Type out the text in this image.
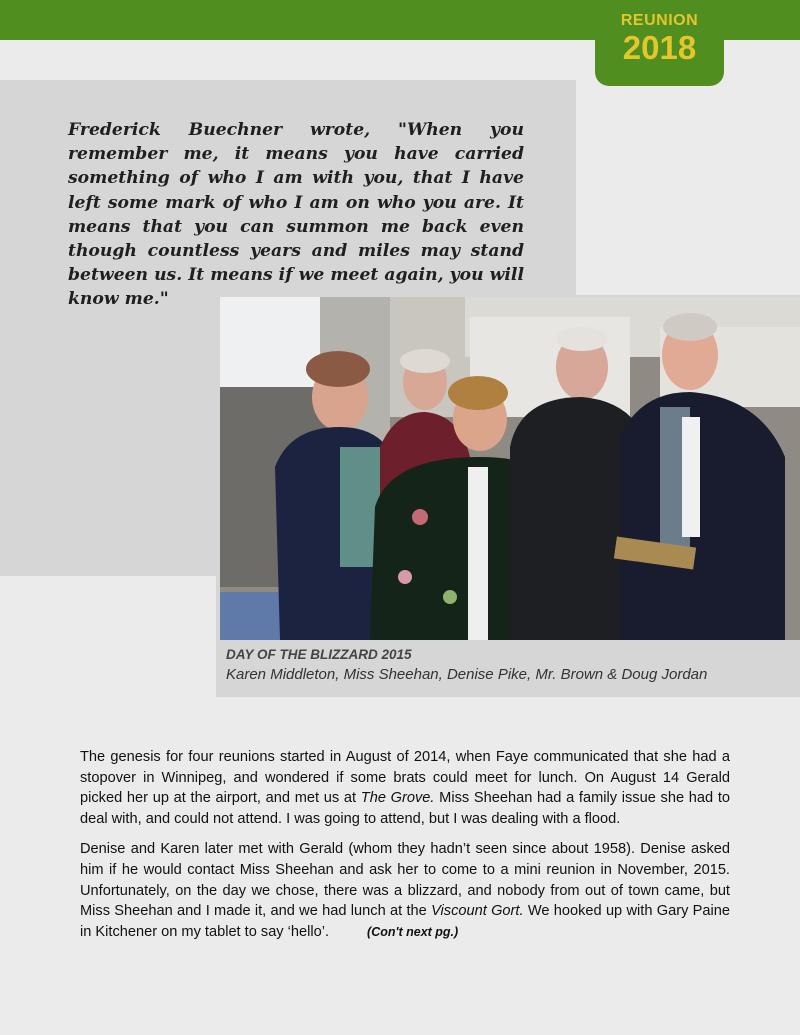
REUNION
2018

Frederick Buechner wrote, "When you remember me, it means you have carried something of who I am with you, that I have left some mark of who I am on who you are. It means that you can summon me back even though countless years and miles may stand between us. It means if we meet again, you will know me."

DAY OF THE BLIZZARD 2015

Karen Middleton, Miss Sheehan, Denise Pike, Mr. Brown & Doug Jordan

The genesis for four reunions started in August of 2014, when Faye communicated that she had a stopover in Winnipeg, and wondered if some brats could meet for lunch. On August 14 Gerald picked her up at the airport, and met us at The Grove. Miss Sheehan had a family issue she had to deal with, and could not attend. I was going to attend, but I was dealing with a flood.

Denise and Karen later met with Gerald (whom they hadn’t seen since about 1958). Denise asked him if he would contact Miss Sheehan and ask her to come to a mini reunion in November, 2015. Unfortunately, on the day we chose, there was a blizzard, and nobody from out of town came, but Miss Sheehan and I made it, and we had lunch at the Viscount Gort. We hooked up with Gary Paine in Kitchener on my tablet to say ‘hello’.	(Con't next pg.)
